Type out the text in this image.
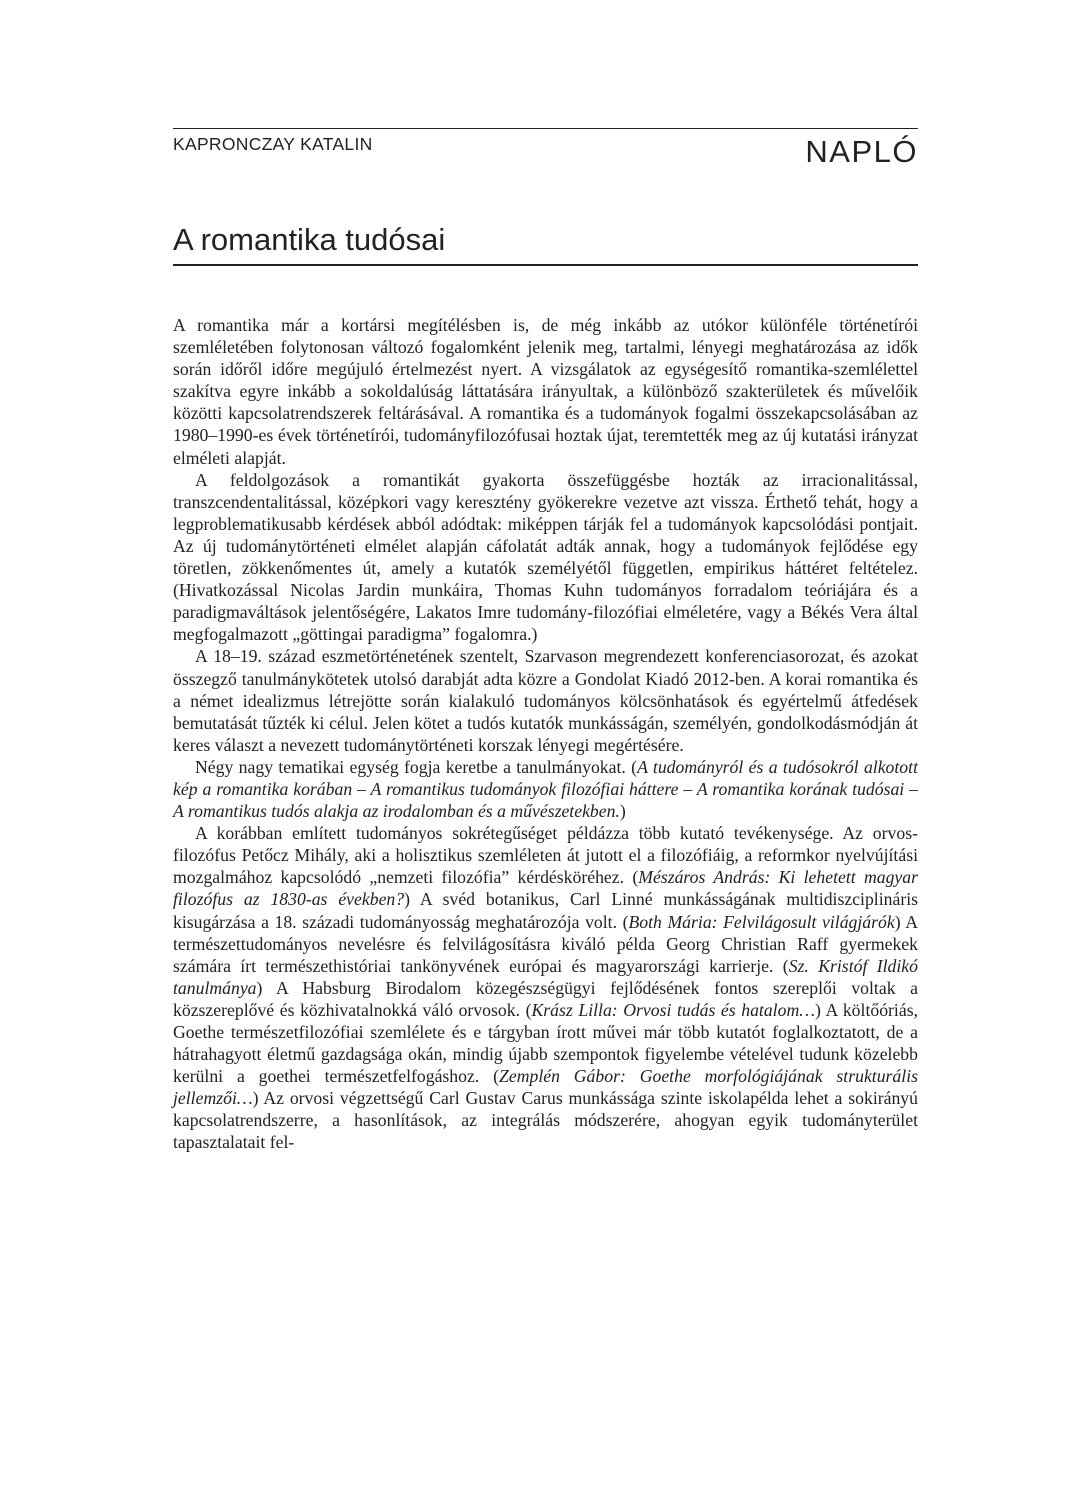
KAPRONCZAY KATALIN	NAPLÓ
A romantika tudósai

A romantika már a kortársi megítélésben is, de még inkább az utókor különféle történetírói szemléletében folytonosan változó fogalomként jelenik meg, tartalmi, lényegi meghatározása az idők során időről időre megújuló értelmezést nyert. A vizsgálatok az egységesítő romantika-szemlélettel szakítva egyre inkább a sokoldalúság láttatására irányultak, a különböző szakterületek és művelőik közötti kapcsolatrendszerek feltárásával. A romantika és a tudományok fogalmi összekapcsolásában az 1980–1990-es évek történetírói, tudományfilozófusai hoztak újat, teremtették meg az új kutatási irányzat elméleti alapját.

A feldolgozások a romantikát gyakorta összefüggésbe hozták az irracionalitással, transzcendentalitással, középkori vagy keresztény gyökerekre vezetve azt vissza. Érthető tehát, hogy a legproblematikusabb kérdések abból adódtak: miképpen tárják fel a tudományok kapcsolódási pontjait. Az új tudománytörténeti elmélet alapján cáfolatát adták annak, hogy a tudományok fejlődése egy töretlen, zökkenőmentes út, amely a kutatók személyétől független, empirikus háttéret feltételez. (Hivatkozással Nicolas Jardin munkáira, Thomas Kuhn tudományos forradalom teóriájára és a paradigmaváltások jelentőségére, Lakatos Imre tudomány-filozófiai elméletére, vagy a Békés Vera által megfogalmazott „göttingai paradigma” fogalomra.)

A 18–19. század eszmetörténetének szentelt, Szarvason megrendezett konferenciasorozat, és azokat összegző tanulmánykötetek utolsó darabját adta közre a Gondolat Kiadó 2012-ben. A korai romantika és a német idealizmus létrejötte során kialakuló tudományos kölcsönhatások és egyértelmű átfedések bemutatását tűzték ki célul. Jelen kötet a tudós kutatók munkásságán, személyén, gondolkodásmódján át keres választ a nevezett tudománytörténeti korszak lényegi megértésére.

Négy nagy tematikai egység fogja keretbe a tanulmányokat. (A tudományról és a tudósokról alkotott kép a romantika korában – A romantikus tudományok filozófiai háttere – A romantika korának tudósai – A romantikus tudós alakja az irodalomban és a művészetekben.)

A korábban említett tudományos sokrétegűséget példázza több kutató tevékenysége. Az orvos-filozófus Petőcz Mihály, aki a holisztikus szemléleten át jutott el a filozófiáig, a reformkor nyelvújítási mozgalmához kapcsolódó „nemzeti filozófia” kérdésköréhez. (Mészáros András: Ki lehetett magyar filozófus az 1830-as években?) A svéd botanikus, Carl Linné munkásságának multidiszciplináris kisugárzása a 18. századi tudományosság meghatározója volt. (Both Mária: Felvilágosult világjárók) A természettudományos nevelésre és felvilágosításra kiváló példa Georg Christian Raff gyermekek számára írt természethistóriai tankönyvének európai és magyarországi karrierje. (Sz. Kristóf Ildikó tanulmánya) A Habsburg Birodalom közegészségügyi fejlődésének fontos szereplői voltak a közszereplővé és közhivatalnokká váló orvosok. (Krász Lilla: Orvosi tudás és hatalom…) A költőóriás, Goethe természetfilozófiai szemlélete és e tárgyban írott művei már több kutatót foglalkoztatott, de a hátrahagyott életmű gazdagsága okán, mindig újabb szempontok figyelembe vételével tudunk közelebb kerülni a goethei természetfelfogáshoz. (Zemplén Gábor: Goethe morfológiájának strukturális jellemzői…) Az orvosi végzettségű Carl Gustav Carus munkássága szinte iskolapélda lehet a sokirányú kapcsolatrendszerre, a hasonlítások, az integrálás módszerére, ahogyan egyik tudományterület tapasztalatait fel-
